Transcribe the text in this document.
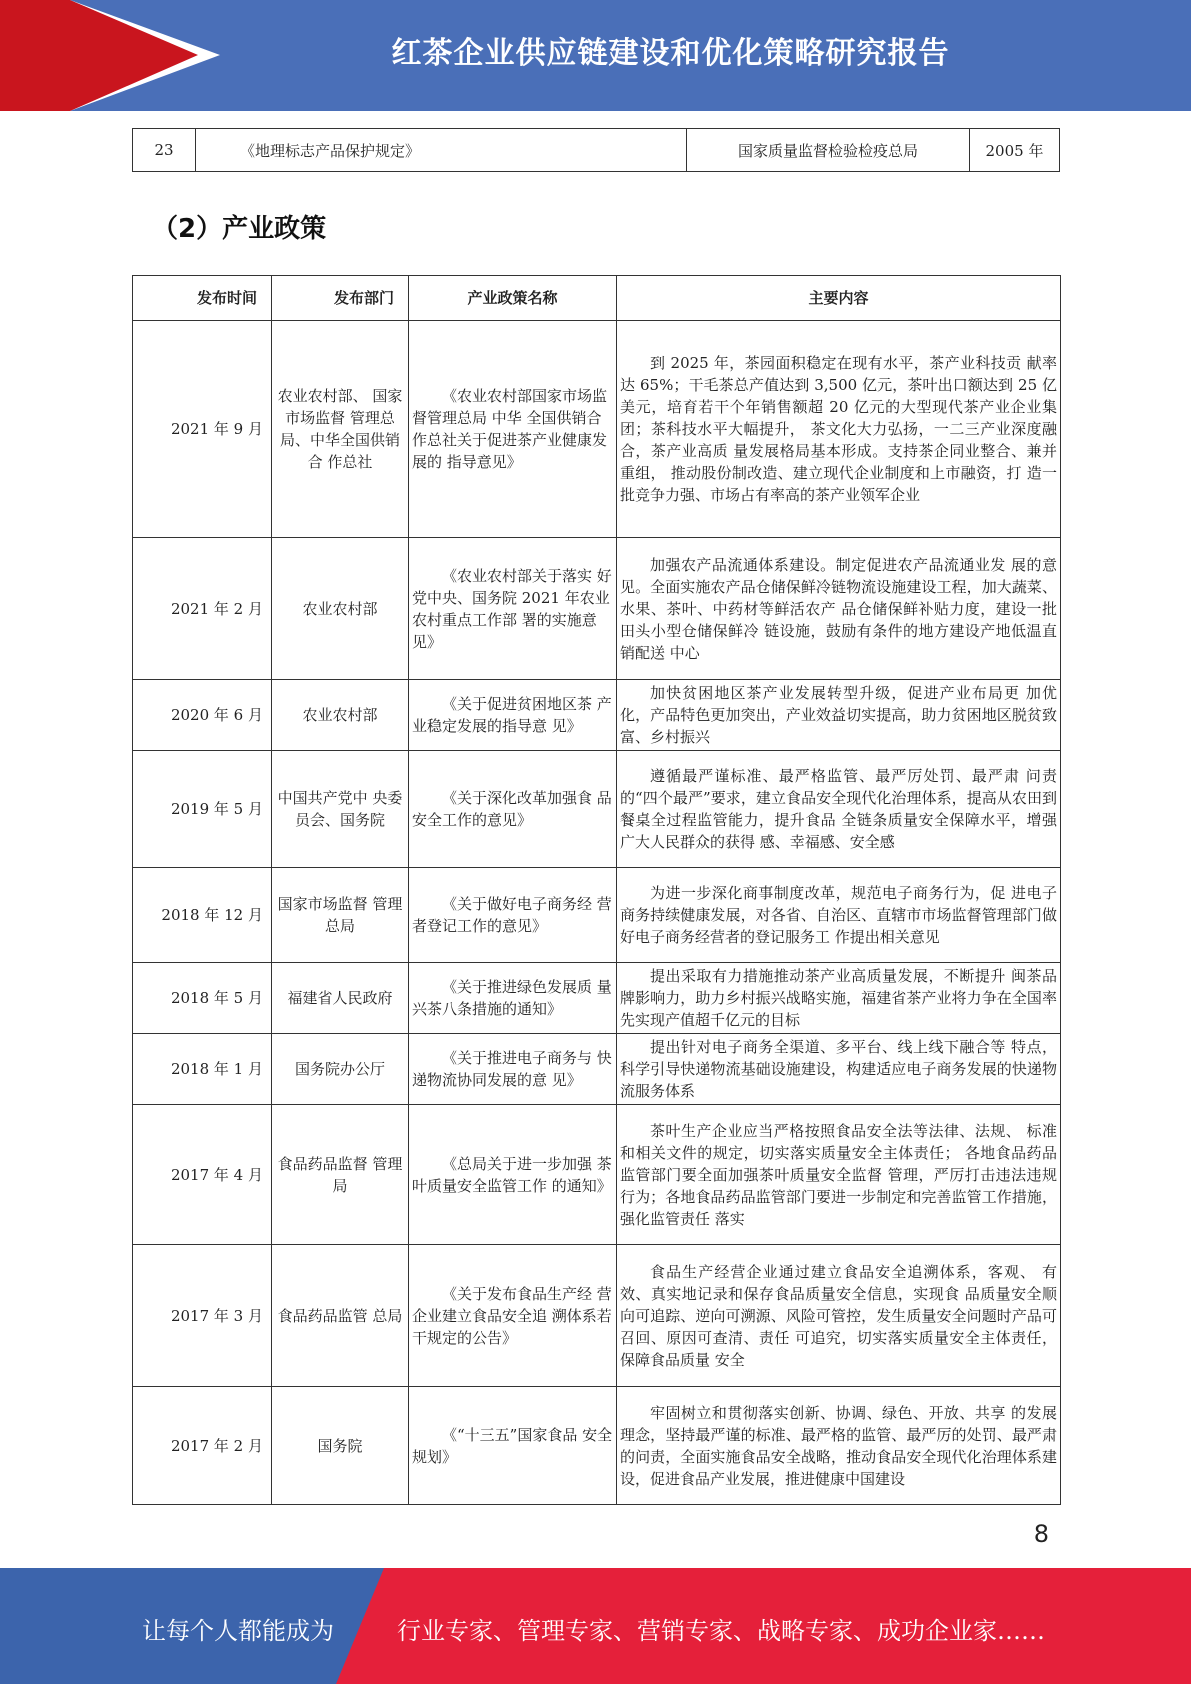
红茶企业供应链建设和优化策略研究报告
23	《地理标志产品保护规定》	国家质量监督检验检疫总局	2005 年
（2）产业政策
发布时间	发布部门	产业政策名称	主要内容
2021 年 9 月	农业农村部、 国家市场监督 管理总局、中华全国供销合 作总社	《农业农村部国家市场监督管理总局 中华 全国供销合作总社关于促进茶产业健康发展的 指导意见》	到 2025 年，茶园面积稳定在现有水平，茶产业科技贡 献率达 65%；干毛茶总产值达到 3,500 亿元，茶叶出口额达到 25 亿美元，培育若干个年销售额超 20 亿元的大型现代茶产业企业集团；茶科技水平大幅提升， 茶文化大力弘扬，一二三产业深度融合，茶产业高质 量发展格局基本形成。支持茶企同业整合、兼并重组， 推动股份制改造、建立现代企业制度和上市融资，打 造一批竞争力强、市场占有率高的茶产业领军企业
2021 年 2 月	农业农村部	《农业农村部关于落实 好党中央、国务院 2021 年农业农村重点工作部 署的实施意见》	加强农产品流通体系建设。制定促进农产品流通业发 展的意见。全面实施农产品仓储保鲜冷链物流设施建设工程，加大蔬菜、水果、茶叶、中药材等鲜活农产 品仓储保鲜补贴力度，建设一批田头小型仓储保鲜冷 链设施，鼓励有条件的地方建设产地低温直销配送 中心
2020 年 6 月	农业农村部	《关于促进贫困地区茶 产业稳定发展的指导意 见》	加快贫困地区茶产业发展转型升级，促进产业布局更 加优化，产品特色更加突出，产业效益切实提高，助力贫困地区脱贫致富、乡村振兴
2019 年 5 月	中国共产党中 央委员会、国务院	《关于深化改革加强食 品安全工作的意见》	遵循最严谨标准、最严格监管、最严厉处罚、最严肃 问责的“四个最严”要求，建立食品安全现代化治理体系，提高从农田到餐桌全过程监管能力，提升食品 全链条质量安全保障水平，增强广大人民群众的获得 感、幸福感、安全感
2018 年 12 月	国家市场监督 管理总局	《关于做好电子商务经 营者登记工作的意见》	为进一步深化商事制度改革，规范电子商务行为，促 进电子商务持续健康发展，对各省、自治区、直辖市市场监督管理部门做好电子商务经营者的登记服务工 作提出相关意见
2018 年 5 月	福建省人民政府	《关于推进绿色发展质 量兴茶八条措施的通知》	提出采取有力措施推动茶产业高质量发展，不断提升 闽茶品牌影响力，助力乡村振兴战略实施，福建省茶产业将力争在全国率先实现产值超千亿元的目标
2018 年 1 月	国务院办公厅	《关于推进电子商务与 快递物流协同发展的意 见》	提出针对电子商务全渠道、多平台、线上线下融合等 特点，科学引导快递物流基础设施建设，构建适应电子商务发展的快递物流服务体系
2017 年 4 月	食品药品监督 管理局	《总局关于进一步加强 茶叶质量安全监管工作 的通知》	茶叶生产企业应当严格按照食品安全法等法律、法规、 标准和相关文件的规定，切实落实质量安全主体责任； 各地食品药品监管部门要全面加强茶叶质量安全监督 管理，严厉打击违法违规行为；各地食品药品监管部门要进一步制定和完善监管工作措施，强化监管责任 落实
2017 年 3 月	食品药品监管 总局	《关于发布食品生产经 营企业建立食品安全追 溯体系若干规定的公告》	食品生产经营企业通过建立食品安全追溯体系，客观、 有效、真实地记录和保存食品质量安全信息，实现食 品质量安全顺向可追踪、逆向可溯源、风险可管控，发生质量安全问题时产品可召回、原因可查清、责任 可追究，切实落实质量安全主体责任，保障食品质量 安全
2017 年 2 月	国务院	《“十三五”国家食品 安全规划》	牢固树立和贯彻落实创新、协调、绿色、开放、共享 的发展理念，坚持最严谨的标准、最严格的监管、最严厉的处罚、最严肃的问责，全面实施食品安全战略，推动食品安全现代化治理体系建设，促进食品产业发展，推进健康中国建设
8
让每个人都能成为	行业专家、管理专家、营销专家、战略专家、成功企业家……
